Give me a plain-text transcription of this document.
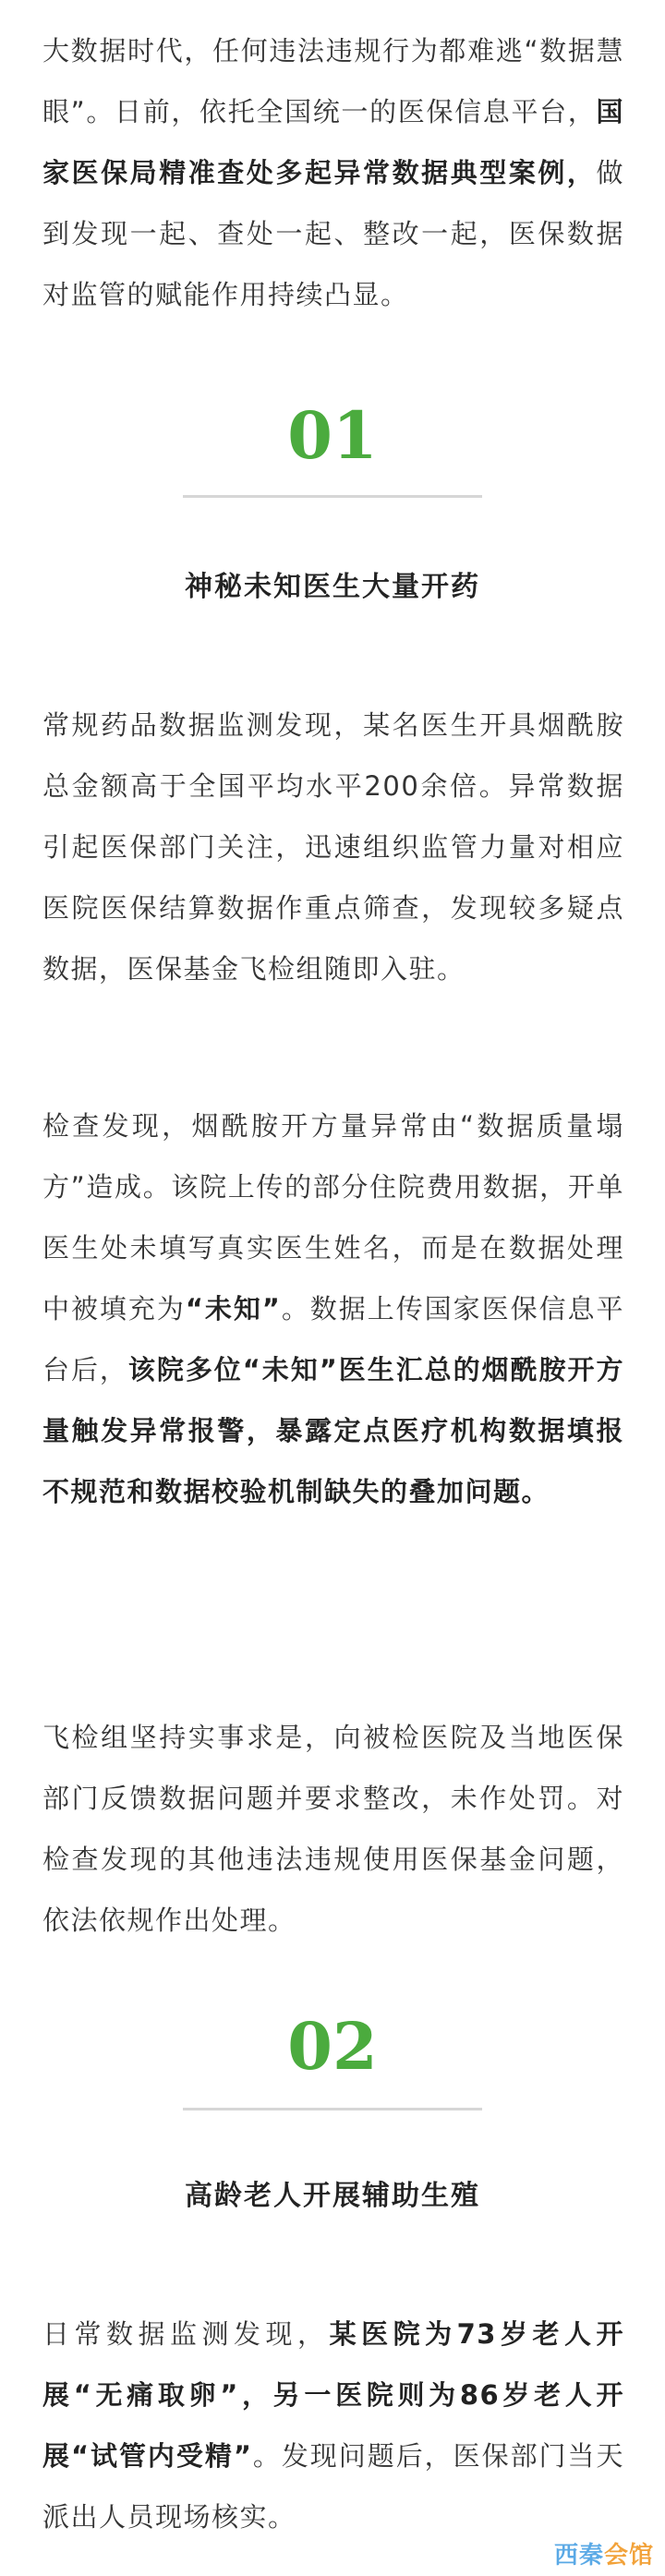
大数据时代，任何违法违规行为都难逃“数据慧眼”。日前，依托全国统一的医保信息平台，国家医保局精准查处多起异常数据典型案例，做到发现一起、查处一起、整改一起，医保数据对监管的赋能作用持续凸显。

01
神秘未知医生大量开药

常规药品数据监测发现，某名医生开具烟酰胺总金额高于全国平均水平200余倍。异常数据引起医保部门关注，迅速组织监管力量对相应医院医保结算数据作重点筛查，发现较多疑点数据，医保基金飞检组随即入驻。

检查发现，烟酰胺开方量异常由“数据质量塌方”造成。该院上传的部分住院费用数据，开单医生处未填写真实医生姓名，而是在数据处理中被填充为“未知”。数据上传国家医保信息平台后，该院多位“未知”医生汇总的烟酰胺开方量触发异常报警，暴露定点医疗机构数据填报不规范和数据校验机制缺失的叠加问题。

飞检组坚持实事求是，向被检医院及当地医保部门反馈数据问题并要求整改，未作处罚。对检查发现的其他违法违规使用医保基金问题，依法依规作出处理。

02
高龄老人开展辅助生殖

日常数据监测发现，某医院为73岁老人开展“无痛取卵”，另一医院则为86岁老人开展“试管内受精”。发现问题后，医保部门当天派出人员现场核实。

西秦会馆
